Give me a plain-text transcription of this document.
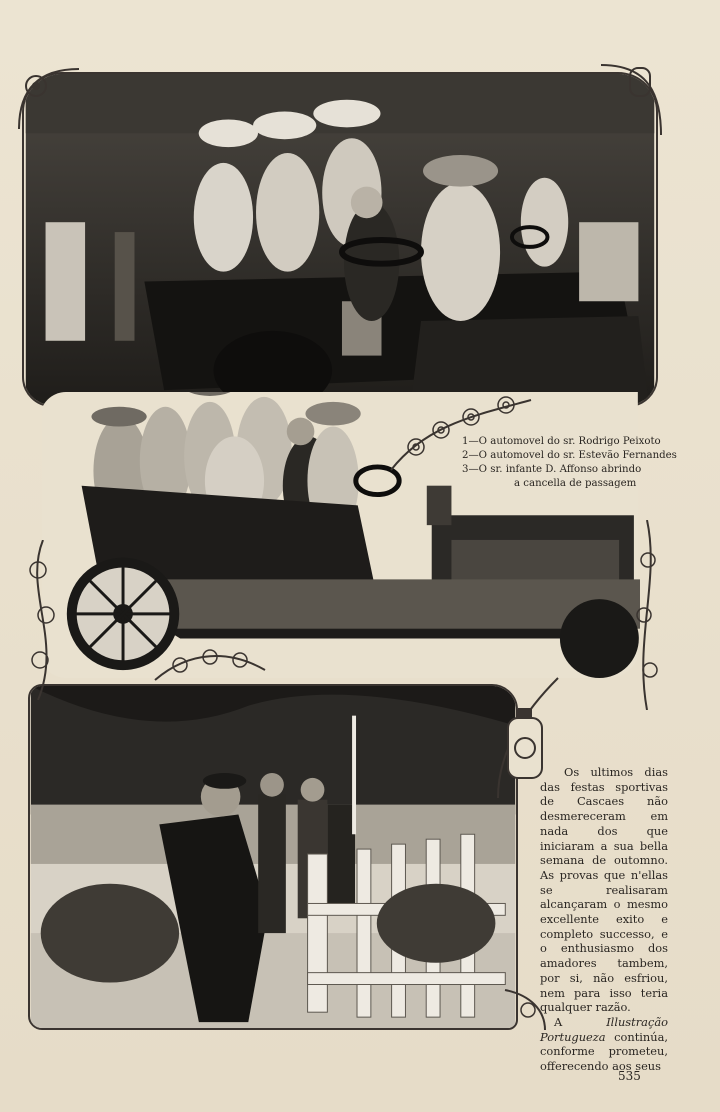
1—O automovel do sr. Rodrigo Peixoto
2—O automovel do sr. Estevão Fernandes
3—O sr. infante D. Affonso abrindo
a cancella de passagem

Os ultimos dias das festas sportivas de Cascaes não desmereceram em nada dos que iniciaram a sua bella semana de outomno. As provas que n'ellas se realisaram alcançaram o mesmo excellente exito e completo successo, e o enthusiasmo dos amadores tambem, por si, não esfriou, nem para isso teria qualquer razão.

A Illustração Portugueza continúa, conforme prometeu, offerecendo aos seus

535
